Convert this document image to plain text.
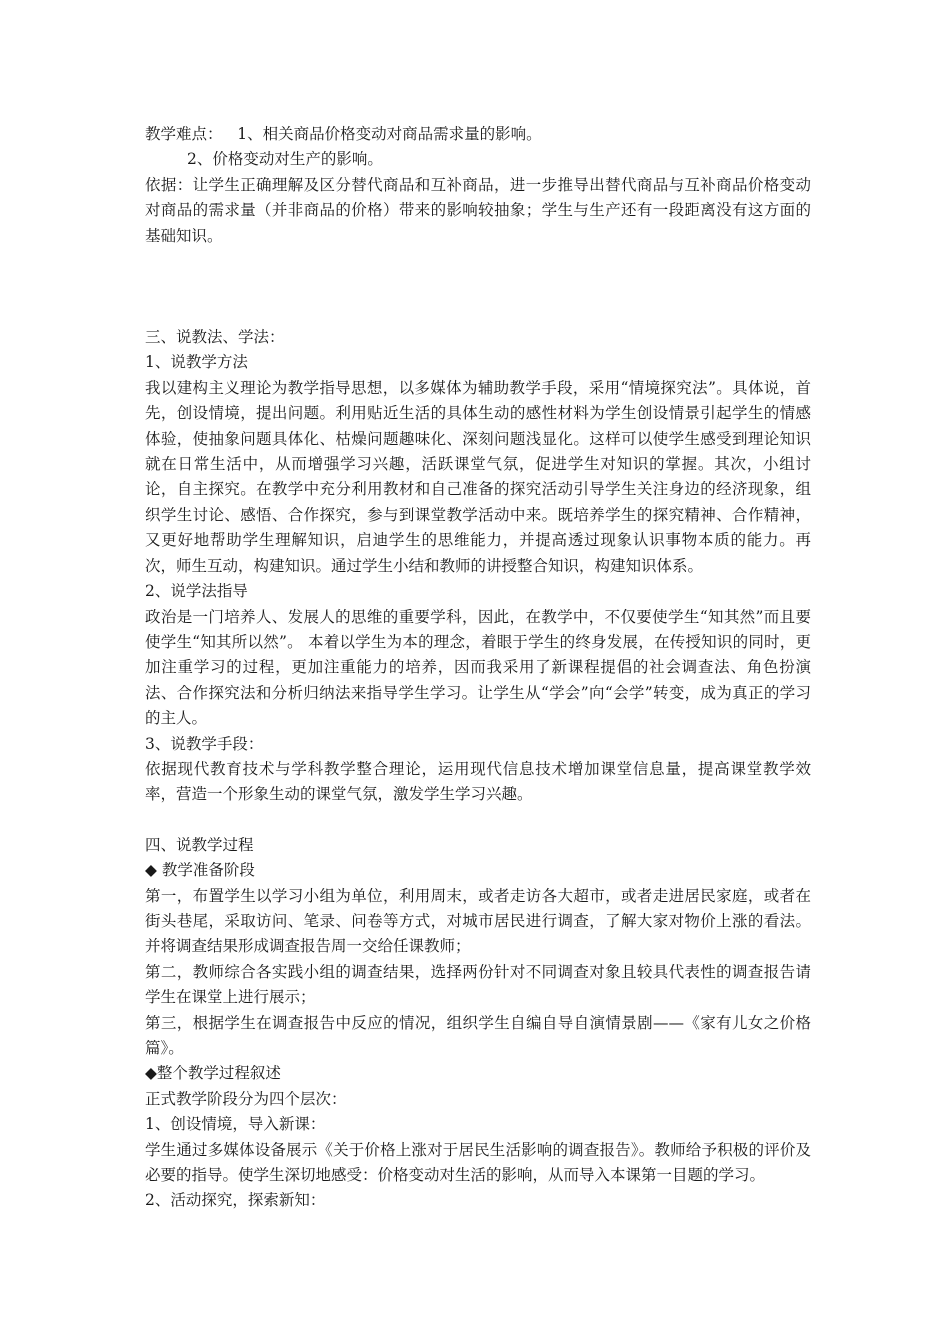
教学难点： 1、相关商品价格变动对商品需求量的影响。

2、价格变动对生产的影响。

依据：让学生正确理解及区分替代商品和互补商品，进一步推导出替代商品与互补商品价格变动对商品的需求量（并非商品的价格）带来的影响较抽象；学生与生产还有一段距离没有这方面的基础知识。

三、说教法、学法：

1、说教学方法

我以建构主义理论为教学指导思想，以多媒体为辅助教学手段，采用“情境探究法”。具体说，首先，创设情境，提出问题。利用贴近生活的具体生动的感性材料为学生创设情景引起学生的情感体验，使抽象问题具体化、枯燥问题趣味化、深刻问题浅显化。这样可以使学生感受到理论知识就在日常生活中，从而增强学习兴趣，活跃课堂气氛，促进学生对知识的掌握。其次，小组讨论，自主探究。在教学中充分利用教材和自己准备的探究活动引导学生关注身边的经济现象，组织学生讨论、感悟、合作探究，参与到课堂教学活动中来。既培养学生的探究精神、合作精神，又更好地帮助学生理解知识，启迪学生的思维能力，并提高透过现象认识事物本质的能力。再次，师生互动，构建知识。通过学生小结和教师的讲授整合知识，构建知识体系。

2、说学法指导

政治是一门培养人、发展人的思维的重要学科，因此，在教学中，不仅要使学生“知其然”而且要使学生“知其所以然”。 本着以学生为本的理念，着眼于学生的终身发展，在传授知识的同时，更加注重学习的过程，更加注重能力的培养，因而我采用了新课程提倡的社会调查法、角色扮演法、合作探究法和分析归纳法来指导学生学习。让学生从“学会”向“会学”转变，成为真正的学习的主人。

3、说教学手段：

依据现代教育技术与学科教学整合理论，运用现代信息技术增加课堂信息量，提高课堂教学效率，营造一个形象生动的课堂气氛，激发学生学习兴趣。

四、说教学过程

◆ 教学准备阶段

第一，布置学生以学习小组为单位，利用周末，或者走访各大超市，或者走进居民家庭，或者在街头巷尾，采取访问、笔录、问卷等方式，对城市居民进行调查，了解大家对物价上涨的看法。并将调查结果形成调查报告周一交给任课教师；

第二，教师综合各实践小组的调查结果，选择两份针对不同调查对象且较具代表性的调查报告请学生在课堂上进行展示；

第三，根据学生在调查报告中反应的情况，组织学生自编自导自演情景剧——《家有儿女之价格篇》。

◆整个教学过程叙述

正式教学阶段分为四个层次：

1、创设情境，导入新课：

学生通过多媒体设备展示《关于价格上涨对于居民生活影响的调查报告》。教师给予积极的评价及必要的指导。使学生深切地感受：价格变动对生活的影响，从而导入本课第一目题的学习。

2、活动探究，探索新知：
